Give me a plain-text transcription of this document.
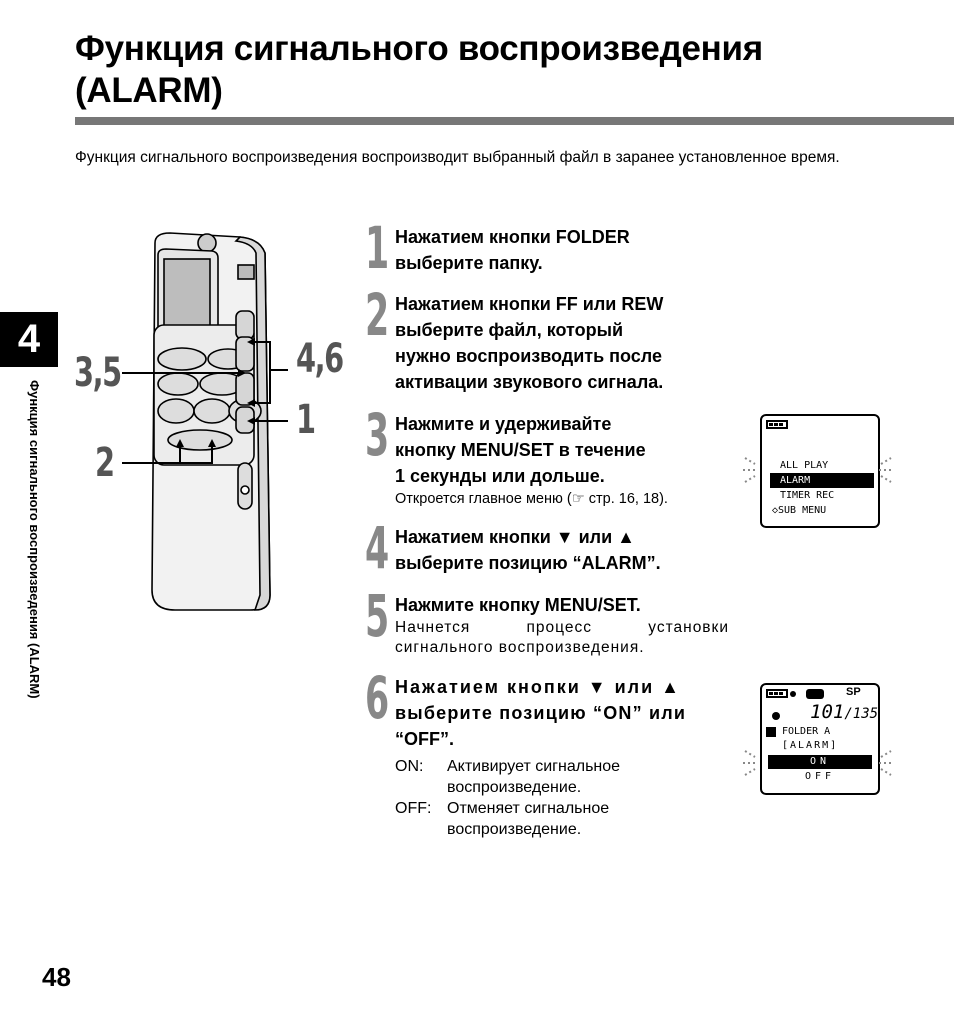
Функция сигнального воспроизведения
(ALARM)
Функция сигнального воспроизведения воспроизводит выбранный файл в заранее установленное время.
4
Функция сигнального воспроизведения (ALARM)
48
3,5	4,6
1
2
1 Нажатием кнопки FOLDER
выберите папку.
2 Нажатием кнопки FF или REW
выберите файл, который
нужно воспроизводить после
активации звукового сигнала.
3 Нажмите и удерживайте
кнопку MENU/SET в течение
1 секунды или дольше.
Откроется главное меню (☞ стр. 16, 18).
4 Нажатием кнопки ▼ или ▲
выберите позицию “ALARM”.
5 Нажмите кнопку MENU/SET.
Начнется процесс установки сигнального воспроизведения.
6 Нажатием кнопки ▼ или ▲
выберите позицию “ON” или
“OFF”.
ON:	Активирует сигнальное воспроизведение.
OFF: Отменяет сигнальное воспроизведение.
ALL PLAY
ALARM
TIMER REC
◇SUB MENU
SP
101/135
FOLDER A
[ALARM]
ON
OFF
